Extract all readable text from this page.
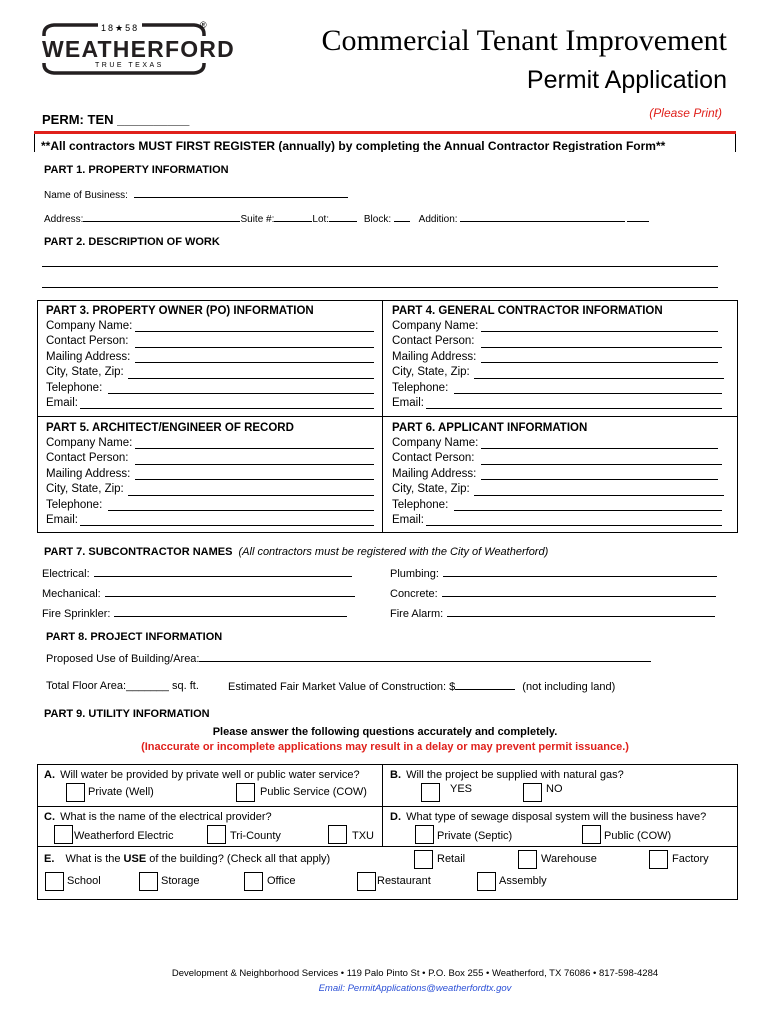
18★58
WEATHERFORD
TRUE TEXAS
®	Commercial Tenant Improvement
Permit Application
(Please Print)
PERM: TEN __________
**All contractors MUST FIRST REGISTER (annually) by completing the Annual Contractor Registration Form**
PART 1. PROPERTY INFORMATION
Name of Business:
Address:	Suite #:	Lot:	Block:	Addition:
PART 2. DESCRIPTION OF WORK
PART 3. PROPERTY OWNER (PO) INFORMATION
Company Name:
Contact Person:
Mailing Address:
City, State, Zip:
Telephone:
Email:
PART 4. GENERAL CONTRACTOR INFORMATION
Company Name:
Contact Person:
Mailing Address:
City, State, Zip:
Telephone:
Email:
PART 5. ARCHITECT/ENGINEER OF RECORD
Company Name:
Contact Person:
Mailing Address:
City, State, Zip:
Telephone:
Email:
PART 6. APPLICANT INFORMATION
Company Name:
Contact Person:
Mailing Address:
City, State, Zip:
Telephone:
Email:
PART 7. SUBCONTRACTOR NAMES (All contractors must be registered with the City of Weatherford)
Electrical:	Plumbing:
Mechanical:	Concrete:
Fire Sprinkler:	Fire Alarm:
PART 8. PROJECT INFORMATION
Proposed Use of Building/Area:
Total Floor Area:_______ sq. ft.	Estimated Fair Market Value of Construction: $	(not including land)
PART 9. UTILITY INFORMATION
Please answer the following questions accurately and completely.
(Inaccurate or incomplete applications may result in a delay or may prevent permit issuance.)
A. Will water be provided by private well or public water service?
Private (Well)	Public Service (COW)
B. Will the project be supplied with natural gas?
YES	NO
C. What is the name of the electrical provider?
Weatherford Electric	Tri-County	TXU
D. What type of sewage disposal system will the business have?
Private (Septic)	Public (COW)
E. What is the USE of the building? (Check all that apply)	Retail	Warehouse	Factory
School	Storage	Office	Restaurant	Assembly
Development & Neighborhood Services • 119 Palo Pinto St • P.O. Box 255 • Weatherford, TX 76086 • 817-598-4284
Email: PermitApplications@weatherfordtx.gov
